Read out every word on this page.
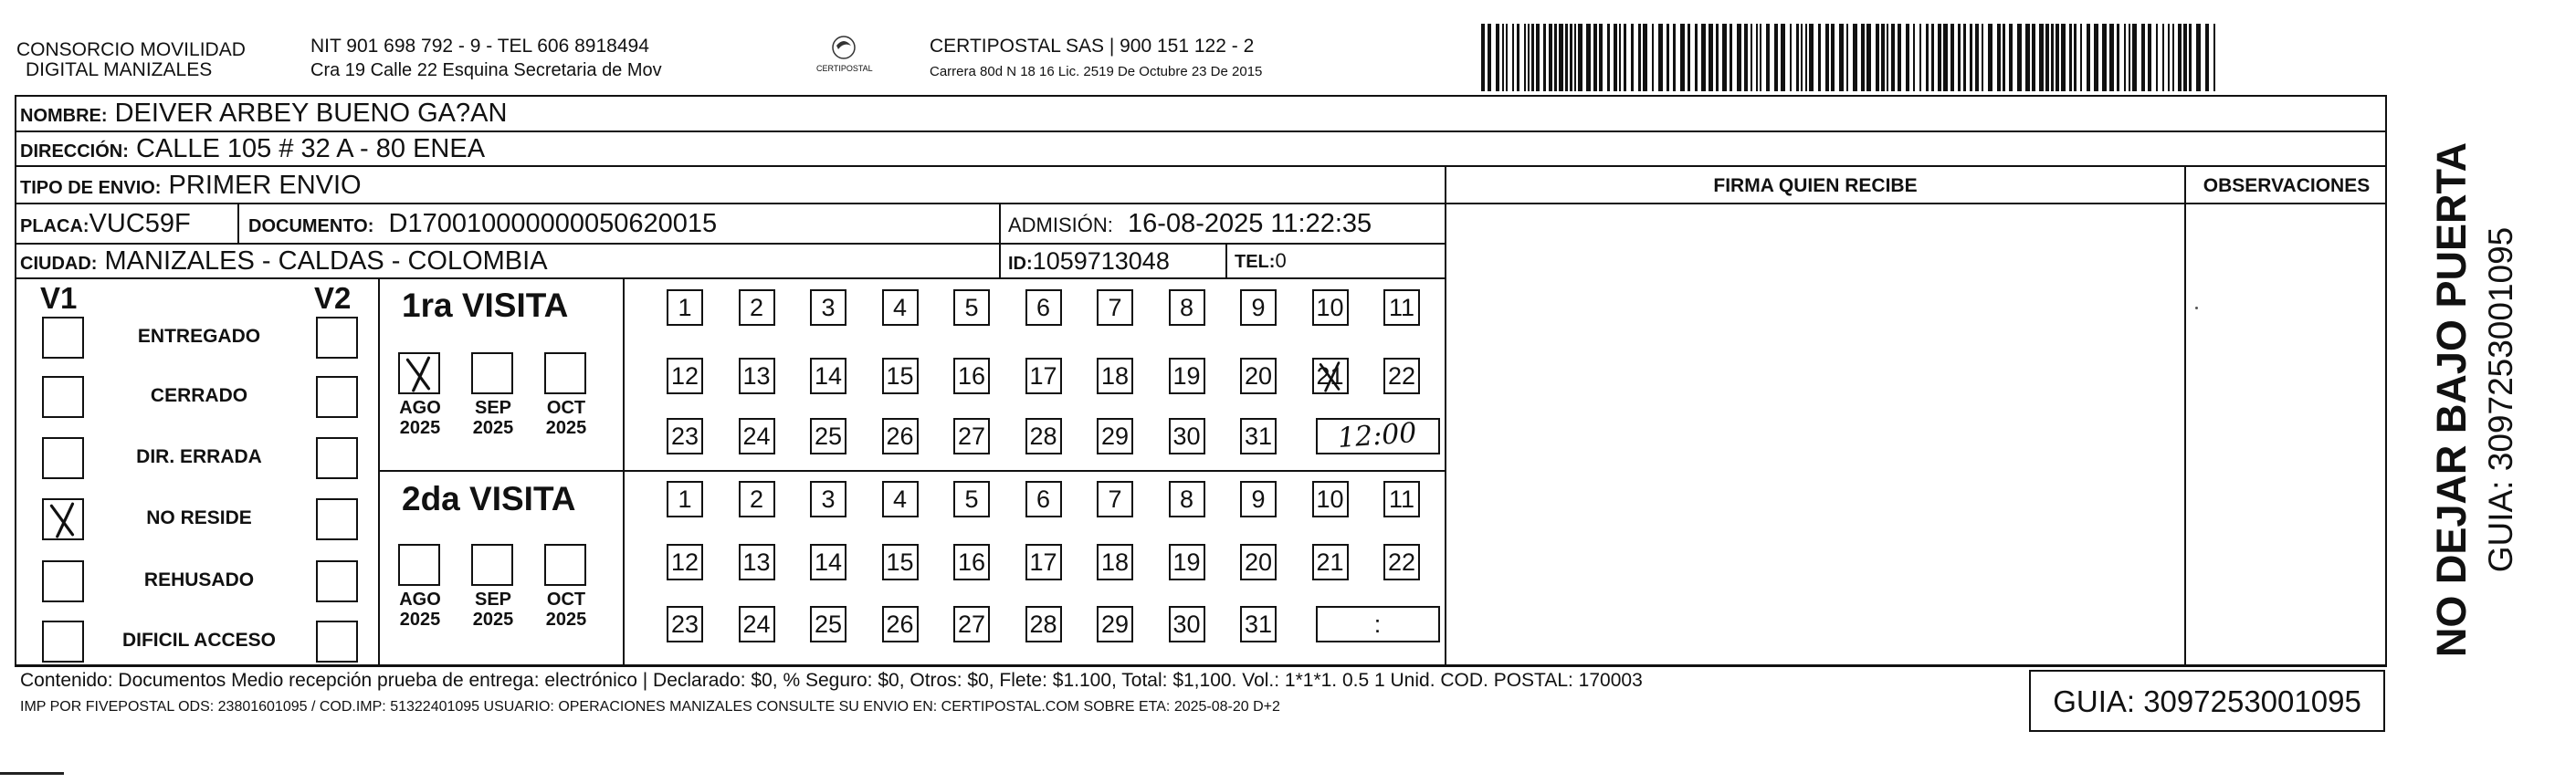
CONSORCIO MOVILIDAD
DIGITAL MANIZALES
NIT 901 698 792 - 9 - TEL 606 8918494
Cra 19 Calle 22 Esquina Secretaria de Mov	CERTIPOSTAL
CERTIPOSTAL SAS | 900 151 122 - 2
Carrera 80d N 18 16 Lic. 2519 De Octubre 23 De 2015
NOMBRE: DEIVER ARBEY BUENO GA?AN
DIRECCIÓN: CALLE 105 # 32 A - 80 ENEA
TIPO DE ENVIO: PRIMER ENVIO
PLACA:VUC59F	DOCUMENTO: D170010000000050620015	ADMISIÓN: 16-08-2025 11:22:35
CIUDAD: MANIZALES - CALDAS - COLOMBIA	ID:1059713048	TEL:0
FIRMA QUIEN RECIBE	OBSERVACIONES
V1	V2
ENTREGADO
CERRADO
DIR. ERRADA
NO RESIDE
REHUSADO
DIFICIL ACCESO
1ra VISITA
AGO
2025
SEP
2025
OCT
2025
1 2 3 4 5 6 7 8 9 10 11
12 13 14 15 16 17 18 19 20 21 22
23 24 25 26 27 28 29 30 31 12:00
2da VISITA
AGO
2025
SEP
2025
OCT
2025
1 2 3 4 5 6 7 8 9 10 11
12 13 14 15 16 17 18 19 20 21 22
23 24 25 26 27 28 29 30 31	:
Contenido: Documentos Medio recepción prueba de entrega: electrónico | Declarado: $0, % Seguro: $0, Otros: $0, Flete: $1.100, Total: $1,100. Vol.: 1*1*1. 0.5 1 Unid. COD. POSTAL: 170003
IMP POR FIVEPOSTAL ODS: 23801601095 / COD.IMP: 51322401095 USUARIO: OPERACIONES MANIZALES CONSULTE SU ENVIO EN: CERTIPOSTAL.COM SOBRE ETA: 2025-08-20 D+2	GUIA: 3097253001095
NO DEJAR BAJO PUERTA GUIA: 3097253001095
